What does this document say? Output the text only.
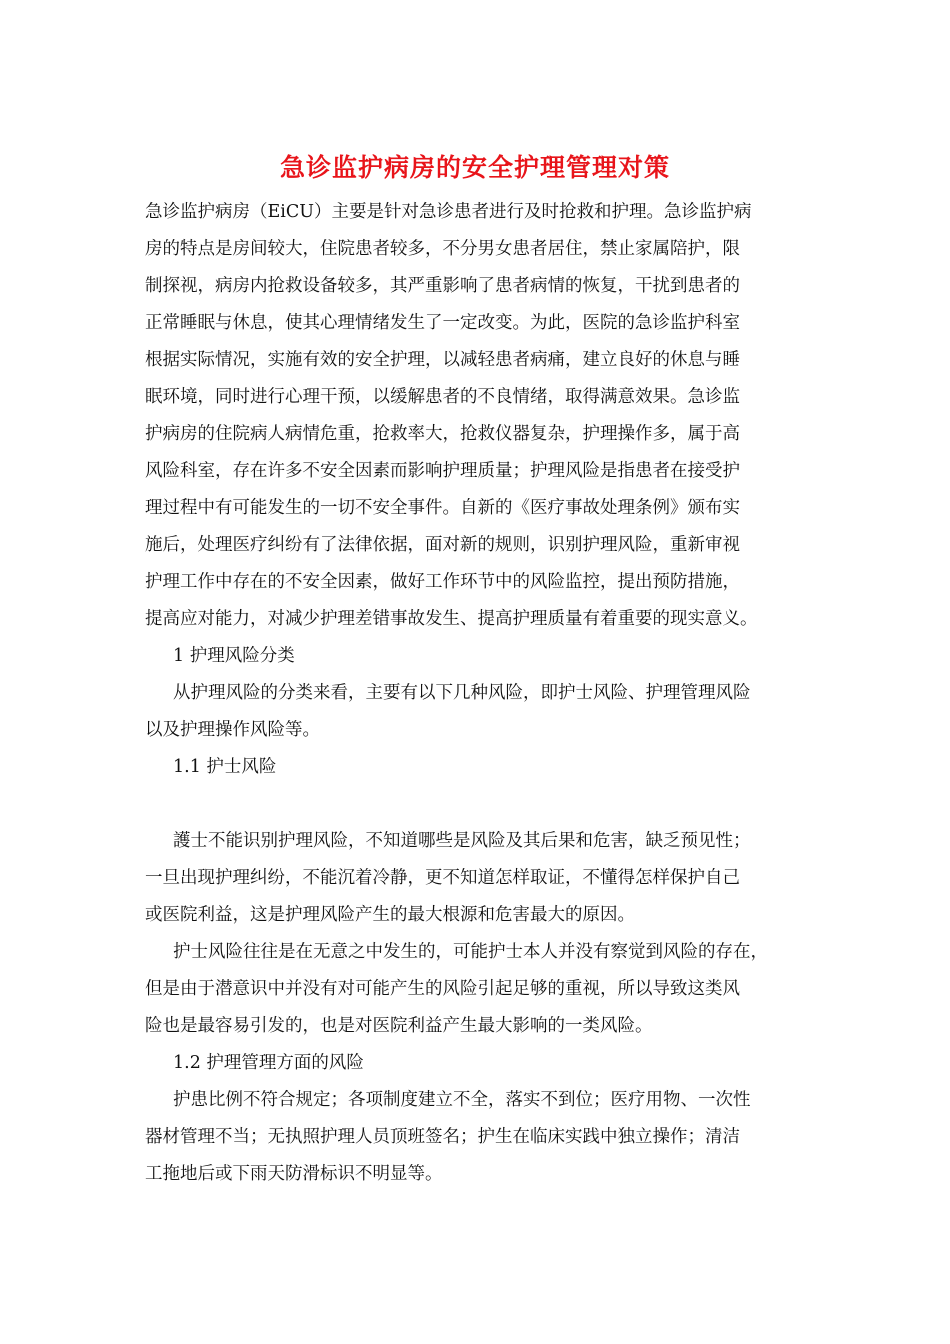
急诊监护病房的安全护理管理对策
急诊监护病房（EiCU）主要是针对急诊患者进行及时抢救和护理。急诊监护病
房的特点是房间较大，住院患者较多，不分男女患者居住，禁止家属陪护，限
制探视，病房内抢救设备较多，其严重影响了患者病情的恢复，干扰到患者的
正常睡眠与休息，使其心理情绪发生了一定改变。为此，医院的急诊监护科室
根据实际情况，实施有效的安全护理，以减轻患者病痛，建立良好的休息与睡
眠环境，同时进行心理干预，以缓解患者的不良情绪，取得满意效果。急诊监
护病房的住院病人病情危重，抢救率大，抢救仪器复杂，护理操作多，属于高
风险科室，存在许多不安全因素而影响护理质量；护理风险是指患者在接受护
理过程中有可能发生的一切不安全事件。自新的《医疗事故处理条例》颁布实
施后，处理医疗纠纷有了法律依据，面对新的规则，识别护理风险，重新审视
护理工作中存在的不安全因素，做好工作环节中的风险监控，提出预防措施，
提高应对能力，对减少护理差错事故发生、提高护理质量有着重要的现实意义。
1 护理风险分类
从护理风险的分类来看，主要有以下几种风险，即护士风险、护理管理风险
以及护理操作风险等。
1.1 护士风险
護士不能识别护理风险，不知道哪些是风险及其后果和危害，缺乏预见性；
一旦出现护理纠纷，不能沉着冷静，更不知道怎样取证，不懂得怎样保护自己
或医院利益，这是护理风险产生的最大根源和危害最大的原因。
护士风险往往是在无意之中发生的，可能护士本人并没有察觉到风险的存在，
但是由于潜意识中并没有对可能产生的风险引起足够的重视，所以导致这类风
险也是最容易引发的，也是对医院利益产生最大影响的一类风险。
1.2 护理管理方面的风险
护患比例不符合规定；各项制度建立不全，落实不到位；医疗用物、一次性
器材管理不当；无执照护理人员顶班签名；护生在临床实践中独立操作；清洁
工拖地后或下雨天防滑标识不明显等。
